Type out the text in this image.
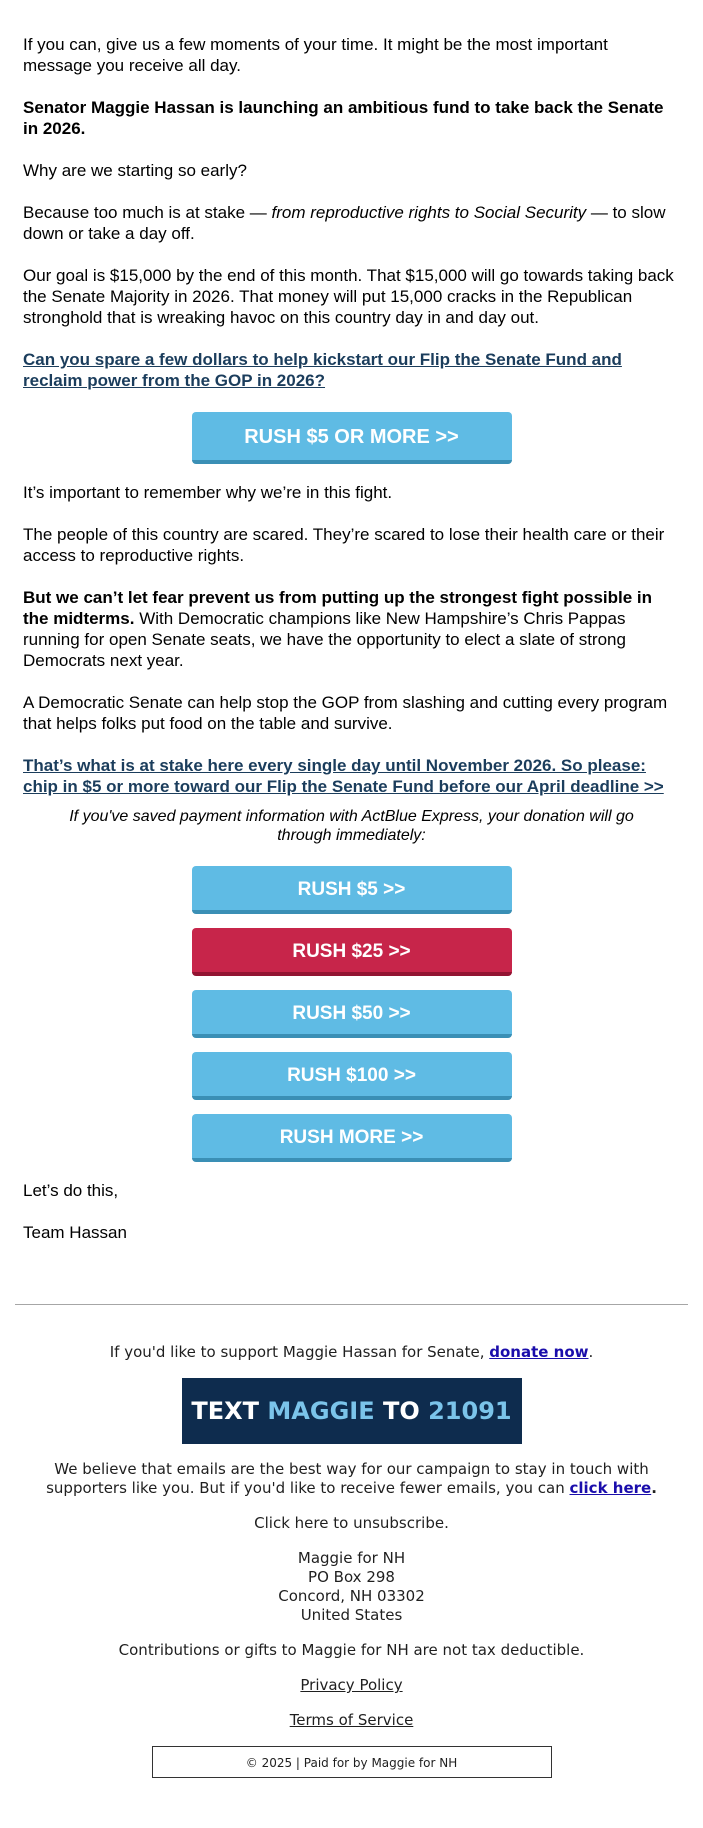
If you can, give us a few moments of your time. It might be the most important message you receive all day.

Senator Maggie Hassan is launching an ambitious fund to take back the Senate in 2026.

Why are we starting so early?

Because too much is at stake — from reproductive rights to Social Security — to slow down or take a day off.

Our goal is $15,000 by the end of this month. That $15,000 will go towards taking back the Senate Majority in 2026. That money will put 15,000 cracks in the Republican stronghold that is wreaking havoc on this country day in and day out.

Can you spare a few dollars to help kickstart our Flip the Senate Fund and reclaim power from the GOP in 2026?

RUSH $5 OR MORE >>

It’s important to remember why we’re in this fight.

The people of this country are scared. They’re scared to lose their health care or their access to reproductive rights.

But we can’t let fear prevent us from putting up the strongest fight possible in the midterms. With Democratic champions like New Hampshire’s Chris Pappas running for open Senate seats, we have the opportunity to elect a slate of strong Democrats next year.

A Democratic Senate can help stop the GOP from slashing and cutting every program that helps folks put food on the table and survive.

That’s what is at stake here every single day until November 2026. So please: chip in $5 or more toward our Flip the Senate Fund before our April deadline >>

If you've saved payment information with ActBlue Express, your donation will go through immediately:

RUSH $5 >>
RUSH $25 >>
RUSH $50 >>
RUSH $100 >>
RUSH MORE >>

Let’s do this,

Team Hassan

If you'd like to support Maggie Hassan for Senate, donate now.

TEXT MAGGIE TO 21091

We believe that emails are the best way for our campaign to stay in touch with supporters like you. But if you'd like to receive fewer emails, you can click here.

Click here to unsubscribe.

Maggie for NH
PO Box 298
Concord, NH 03302
United States

Contributions or gifts to Maggie for NH are not tax deductible.

Privacy Policy

Terms of Service

© 2025 | Paid for by Maggie for NH
